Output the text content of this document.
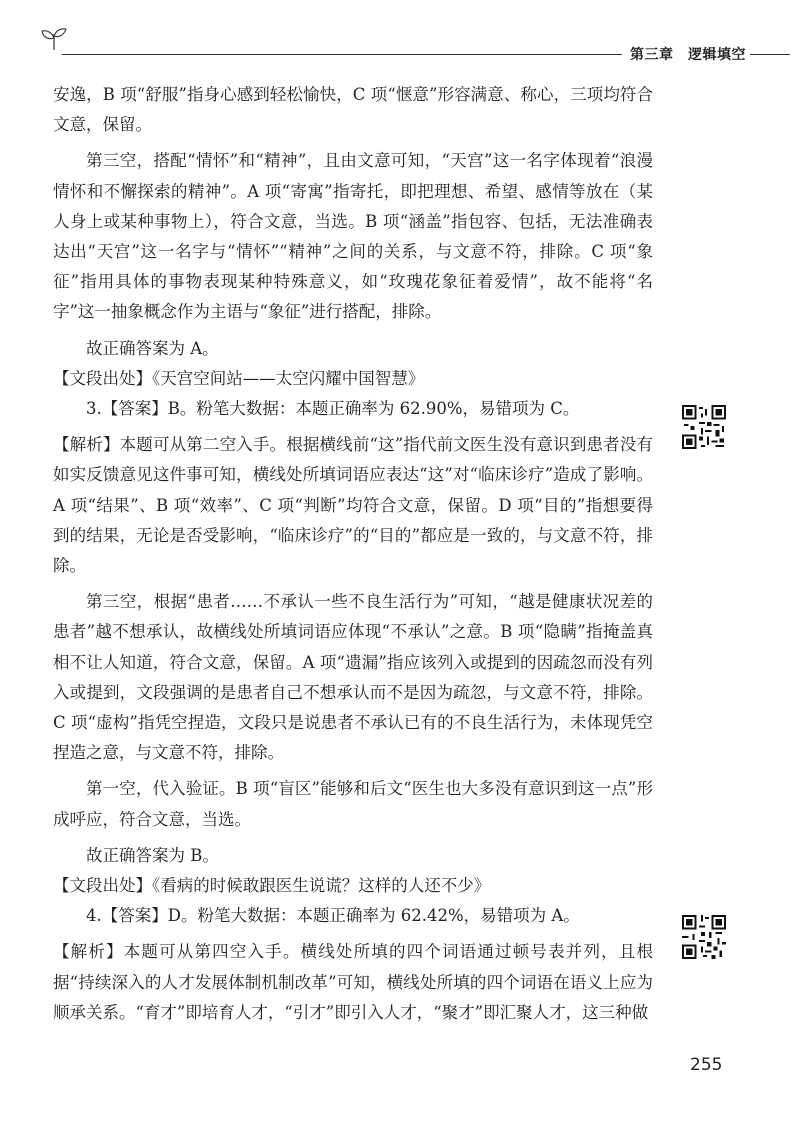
第三章　逻辑填空

安逸，B 项“舒服”指身心感到轻松愉快，C 项“惬意”形容满意、称心，三项均符合文意，保留。

第三空，搭配“情怀”和“精神”，且由文意可知，“天宫”这一名字体现着“浪漫情怀和不懈探索的精神”。A 项“寄寓”指寄托，即把理想、希望、感情等放在（某人身上或某种事物上），符合文意，当选。B 项“涵盖”指包容、包括，无法准确表达出“天宫”这一名字与“情怀”“精神”之间的关系，与文意不符，排除。C 项“象征”指用具体的事物表现某种特殊意义，如“玫瑰花象征着爱情”，故不能将“名字”这一抽象概念作为主语与“象征”进行搭配，排除。

故正确答案为 A。

【文段出处】《天宫空间站——太空闪耀中国智慧》

3.【答案】B。粉笔大数据：本题正确率为 62.90%，易错项为 C。

【解析】本题可从第二空入手。根据横线前“这”指代前文医生没有意识到患者没有如实反馈意见这件事可知，横线处所填词语应表达“这”对“临床诊疗”造成了影响。A 项“结果”、B 项“效率”、C 项“判断”均符合文意，保留。D 项“目的”指想要得到的结果，无论是否受影响，“临床诊疗”的“目的”都应是一致的，与文意不符，排除。

第三空，根据“患者……不承认一些不良生活行为”可知，“越是健康状况差的患者”越不想承认，故横线处所填词语应体现“不承认”之意。B 项“隐瞒”指掩盖真相不让人知道，符合文意，保留。A 项“遗漏”指应该列入或提到的因疏忽而没有列入或提到，文段强调的是患者自己不想承认而不是因为疏忽，与文意不符，排除。C 项“虚构”指凭空捏造，文段只是说患者不承认已有的不良生活行为，未体现凭空捏造之意，与文意不符，排除。

第一空，代入验证。B 项“盲区”能够和后文“医生也大多没有意识到这一点”形成呼应，符合文意，当选。

故正确答案为 B。

【文段出处】《看病的时候敢跟医生说谎？这样的人还不少》

4.【答案】D。粉笔大数据：本题正确率为 62.42%，易错项为 A。

【解析】本题可从第四空入手。横线处所填的四个词语通过顿号表并列，且根据“持续深入的人才发展体制机制改革”可知，横线处所填的四个词语在语义上应为顺承关系。“育才”即培育人才，“引才”即引入人才，“聚才”即汇聚人才，这三种做

255
